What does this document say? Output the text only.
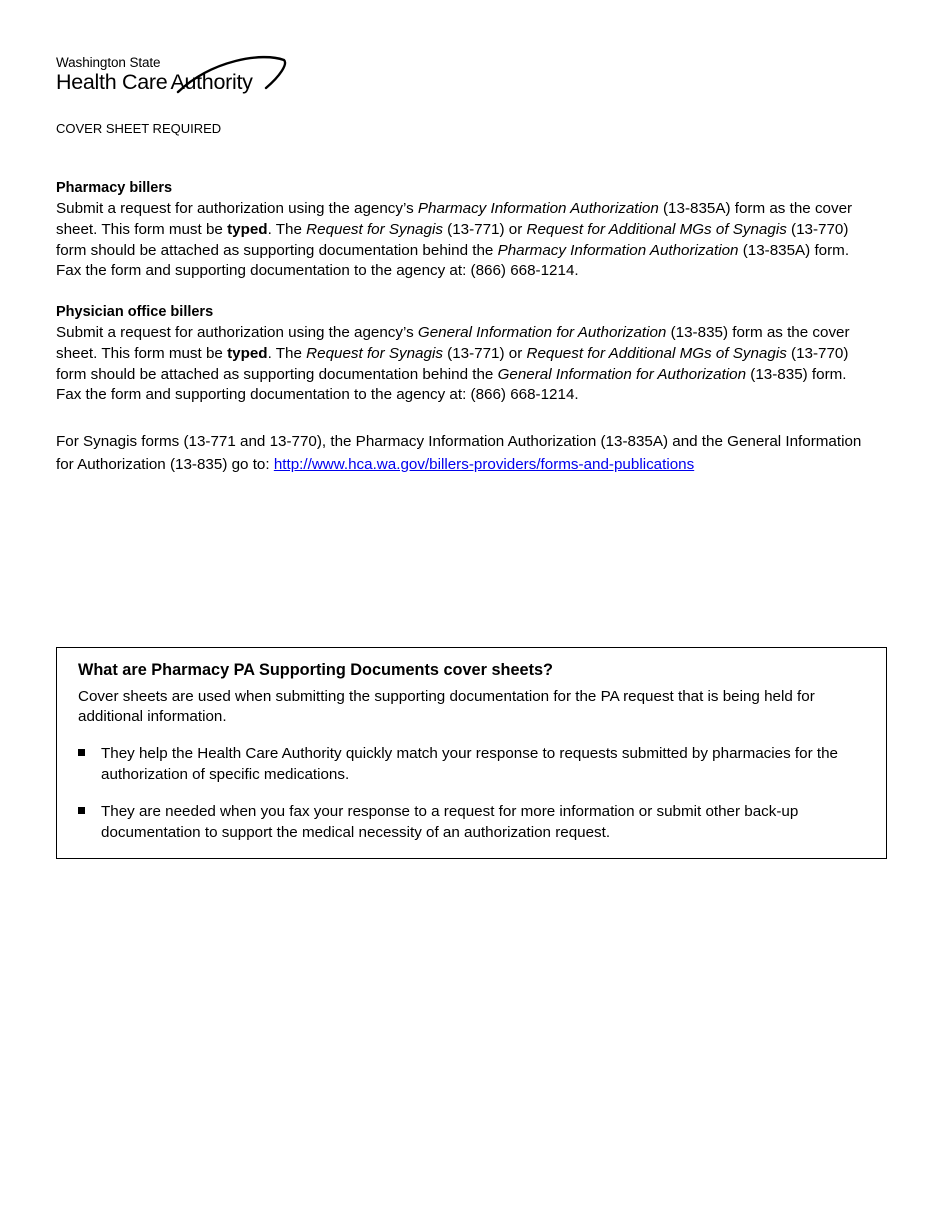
Washington State
Health Care Authority
COVER SHEET REQUIRED
Pharmacy billers

Submit a request for authorization using the agency’s Pharmacy Information Authorization (13-835A) form as the cover

sheet. This form must be typed. The Request for Synagis (13-771) or Request for Additional MGs of Synagis (13-770)

form should be attached as supporting documentation behind the Pharmacy Information Authorization (13-835A) form.

Fax the form and supporting documentation to the agency at: (866) 668-1214.

Physician office billers

Submit a request for authorization using the agency’s General Information for Authorization (13-835) form as the cover

sheet. This form must be typed. The Request for Synagis (13-771) or Request for Additional MGs of Synagis (13-770)

form should be attached as supporting documentation behind the General Information for Authorization (13-835) form.

Fax the form and supporting documentation to the agency at: (866) 668-1214.

For Synagis forms (13-771 and 13-770), the Pharmacy Information Authorization (13-835A) and the General Information
for Authorization (13-835) go to: http://www.hca.wa.gov/billers-providers/forms-and-publications
What are Pharmacy PA Supporting Documents cover sheets?

Cover sheets are used when submitting the supporting documentation for the PA request that is being held for additional information.

They help the Health Care Authority quickly match your response to requests submitted by pharmacies for the authorization of specific medications.
They are needed when you fax your response to a request for more information or submit other back-up documentation to support the medical necessity of an authorization request.
